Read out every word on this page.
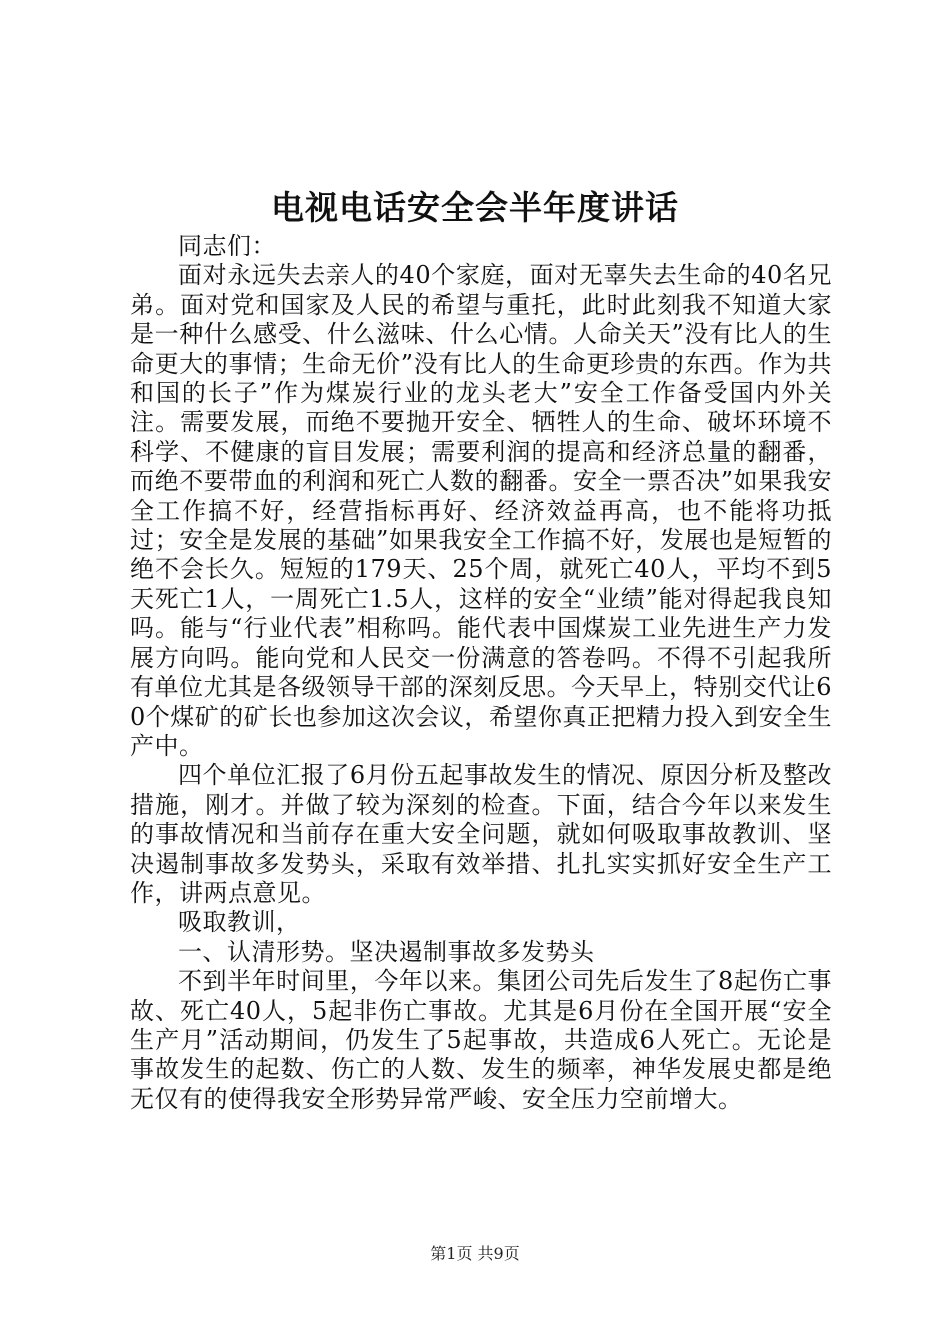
电视电话安全会半年度讲话

同志们：

面对永远失去亲人的40个家庭，面对无辜失去生命的40名兄弟。面对党和国家及人民的希望与重托，此时此刻我不知道大家是一种什么感受、什么滋味、什么心情。人命关天”没有比人的生命更大的事情；生命无价”没有比人的生命更珍贵的东西。作为共和国的长子”作为煤炭行业的龙头老大”安全工作备受国内外关注。需要发展，而绝不要抛开安全、牺牲人的生命、破坏环境不科学、不健康的盲目发展；需要利润的提高和经济总量的翻番，而绝不要带血的利润和死亡人数的翻番。安全一票否决”如果我安全工作搞不好，经营指标再好、经济效益再高，也不能将功抵过；安全是发展的基础”如果我安全工作搞不好，发展也是短暂的绝不会长久。短短的179天、25个周，就死亡40人，平均不到5天死亡1人，一周死亡1.5人，这样的安全“业绩”能对得起我良知吗。能与“行业代表”相称吗。能代表中国煤炭工业先进生产力发展方向吗。能向党和人民交一份满意的答卷吗。不得不引起我所有单位尤其是各级领导干部的深刻反思。今天早上，特别交代让60个煤矿的矿长也参加这次会议，希望你真正把精力投入到安全生产中。

四个单位汇报了6月份五起事故发生的情况、原因分析及整改措施，刚才。并做了较为深刻的检查。下面，结合今年以来发生的事故情况和当前存在重大安全问题，就如何吸取事故教训、坚决遏制事故多发势头，采取有效举措、扎扎实实抓好安全生产工作，讲两点意见。

吸取教训，

一、认清形势。坚决遏制事故多发势头

不到半年时间里，今年以来。集团公司先后发生了8起伤亡事故、死亡40人，5起非伤亡事故。尤其是6月份在全国开展“安全生产月”活动期间，仍发生了5起事故，共造成6人死亡。无论是事故发生的起数、伤亡的人数、发生的频率，神华发展史都是绝无仅有的使得我安全形势异常严峻、安全压力空前增大。

第1页 共9页
